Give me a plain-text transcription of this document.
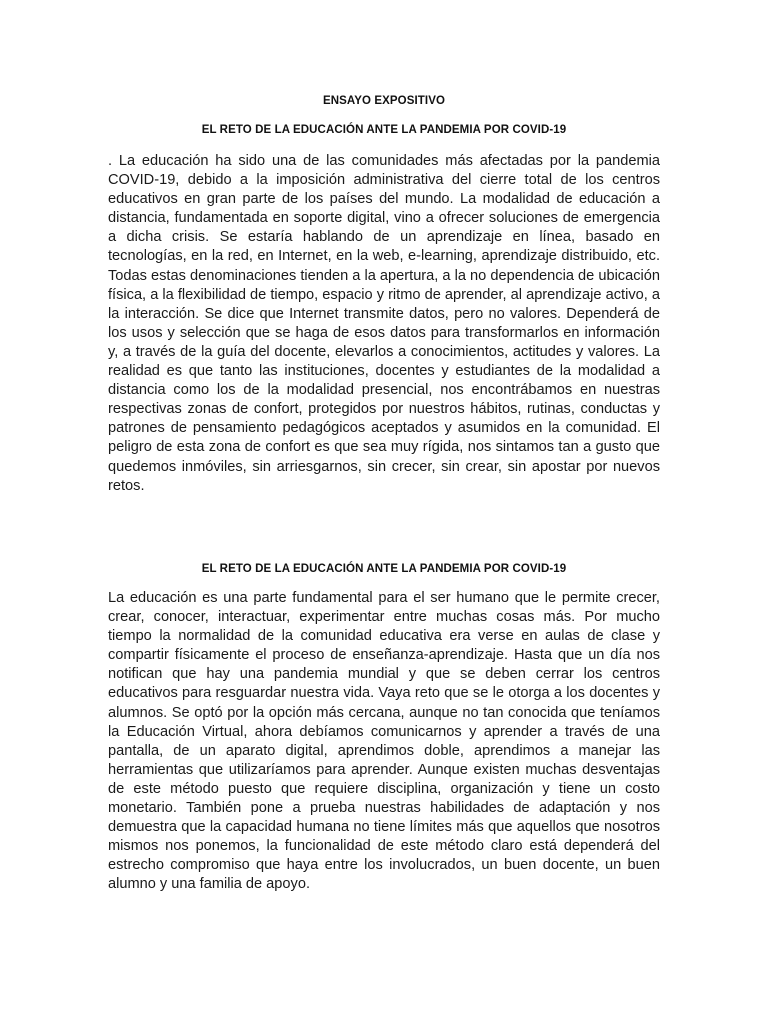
ENSAYO EXPOSITIVO
EL RETO DE LA EDUCACIÓN ANTE LA PANDEMIA POR COVID-19

. La educación ha sido una de las comunidades más afectadas por la pandemia COVID-19, debido a la imposición administrativa del cierre total de los centros educativos en gran parte de los países del mundo. La modalidad de educación a distancia, fundamentada en soporte digital, vino a ofrecer soluciones de emergencia a dicha crisis. Se estaría hablando de un aprendizaje en línea, basado en tecnologías, en la red, en Internet, en la web, e-learning, aprendizaje distribuido, etc. Todas estas denominaciones tienden a la apertura, a la no dependencia de ubicación física, a la flexibilidad de tiempo, espacio y ritmo de aprender, al aprendizaje activo, a la interacción. Se dice que Internet transmite datos, pero no valores. Dependerá de los usos y selección que se haga de esos datos para transformarlos en información y, a través de la guía del docente, elevarlos a conocimientos, actitudes y valores. La realidad es que tanto las instituciones, docentes y estudiantes de la modalidad a distancia como los de la modalidad presencial, nos encontrábamos en nuestras respectivas zonas de confort, protegidos por nuestros hábitos, rutinas, conductas y patrones de pensamiento pedagógicos aceptados y asumidos en la comunidad. El peligro de esta zona de confort es que sea muy rígida, nos sintamos tan a gusto que quedemos inmóviles, sin arriesgarnos, sin crecer, sin crear, sin apostar por nuevos retos.

EL RETO DE LA EDUCACIÓN ANTE LA PANDEMIA POR COVID-19

La educación es una parte fundamental para el ser humano que le permite crecer, crear, conocer, interactuar, experimentar entre muchas cosas más. Por mucho tiempo la normalidad de la comunidad educativa era verse en aulas de clase y compartir físicamente el proceso de enseñanza-aprendizaje. Hasta que un día nos notifican que hay una pandemia mundial y que se deben cerrar los centros educativos para resguardar nuestra vida. Vaya reto que se le otorga a los docentes y alumnos. Se optó por la opción más cercana, aunque no tan conocida que teníamos la Educación Virtual, ahora debíamos comunicarnos y aprender a través de una pantalla, de un aparato digital, aprendimos doble, aprendimos a manejar las herramientas que utilizaríamos para aprender. Aunque existen muchas desventajas de este método puesto que requiere disciplina, organización y tiene un costo monetario. También pone a prueba nuestras habilidades de adaptación y nos demuestra que la capacidad humana no tiene límites más que aquellos que nosotros mismos nos ponemos, la funcionalidad de este método claro está dependerá del estrecho compromiso que haya entre los involucrados, un buen docente, un buen alumno y una familia de apoyo.
